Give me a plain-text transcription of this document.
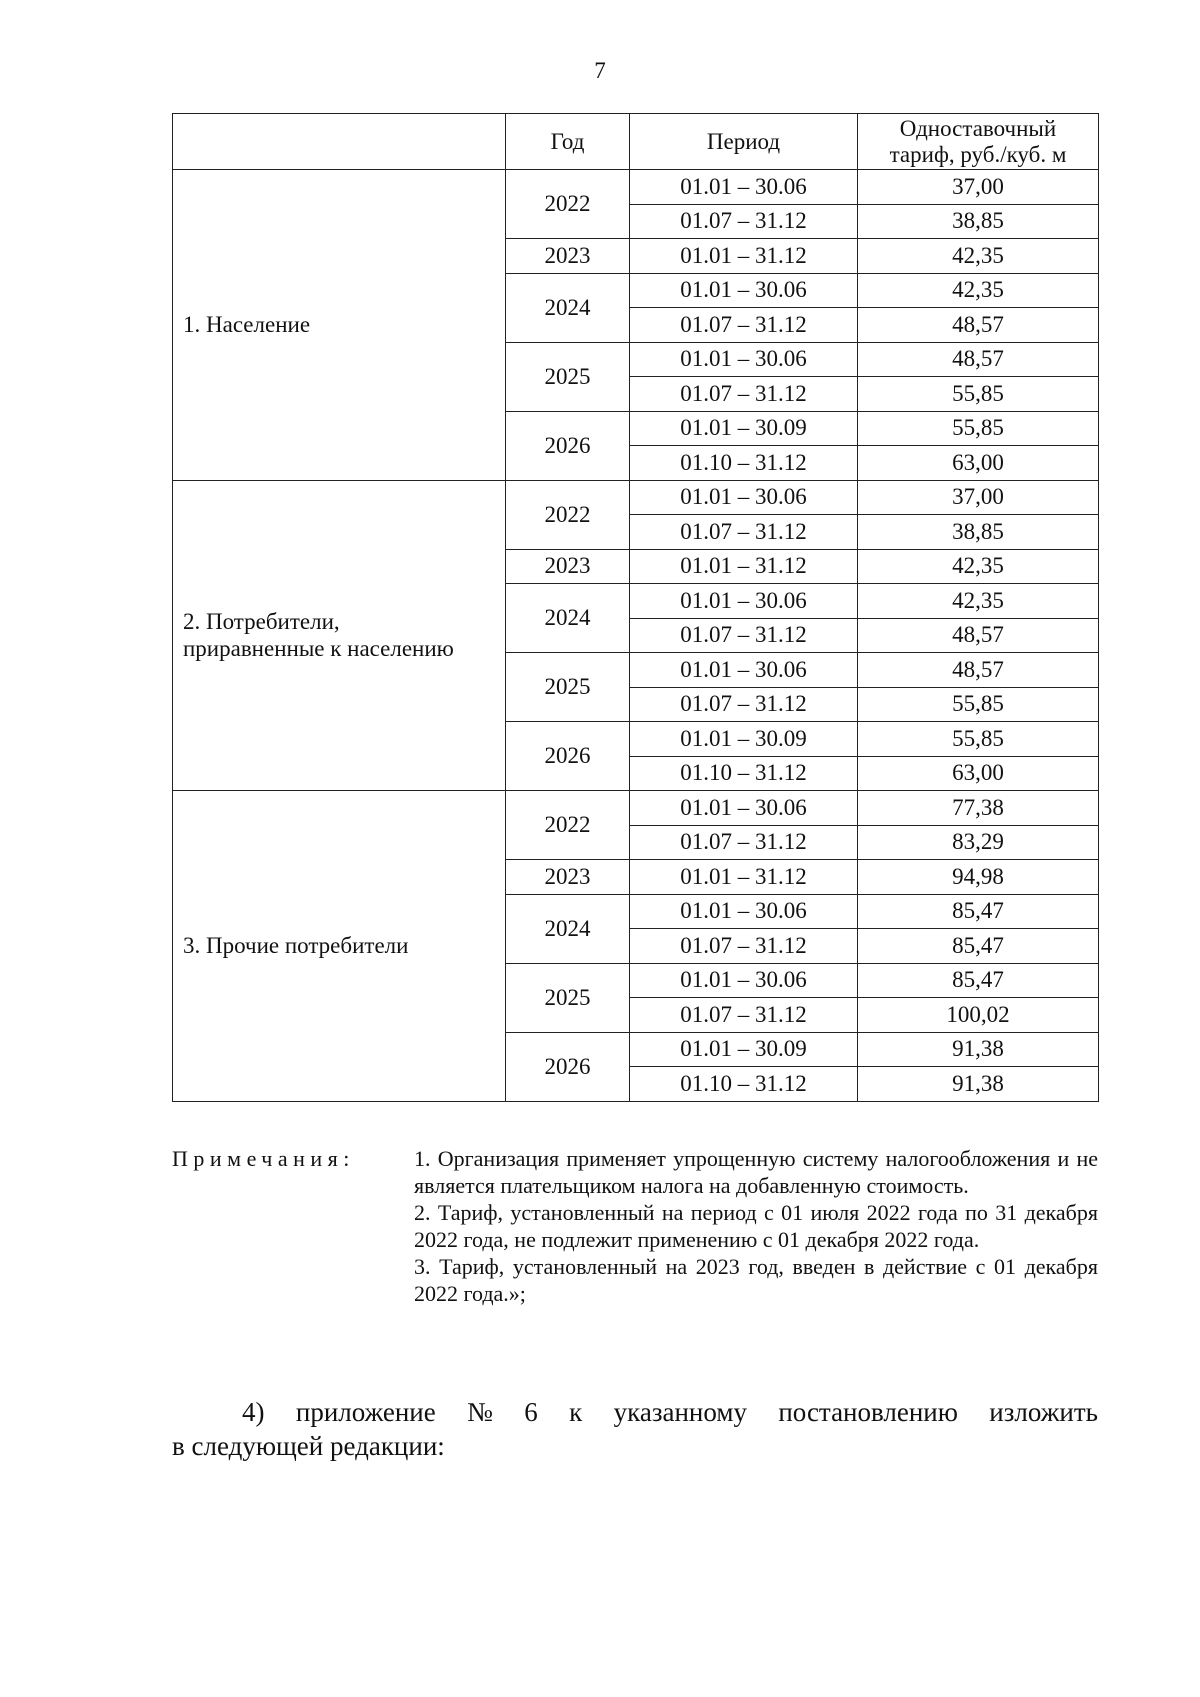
7
	Год	Период	Одноставочный
тариф, руб./куб. м
1. Население	2022	01.01 – 30.06	37,00
		01.07 – 31.12	38,85
	2023	01.01 – 31.12	42,35
	2024	01.01 – 30.06	42,35
		01.07 – 31.12	48,57
	2025	01.01 – 30.06	48,57
		01.07 – 31.12	55,85
	2026	01.01 – 30.09	55,85
		01.10 – 31.12	63,00
2. Потребители,
приравненные к населению	2022	01.01 – 30.06	37,00
		01.07 – 31.12	38,85
	2023	01.01 – 31.12	42,35
	2024	01.01 – 30.06	42,35
		01.07 – 31.12	48,57
	2025	01.01 – 30.06	48,57
		01.07 – 31.12	55,85
	2026	01.01 – 30.09	55,85
		01.10 – 31.12	63,00
3. Прочие потребители	2022	01.01 – 30.06	77,38
		01.07 – 31.12	83,29
	2023	01.01 – 31.12	94,98
	2024	01.01 – 30.06	85,47
		01.07 – 31.12	85,47
	2025	01.01 – 30.06	85,47
		01.07 – 31.12	100,02
	2026	01.01 – 30.09	91,38
		01.10 – 31.12	91,38
Примечания:	1. Организация применяет упрощенную систему налогообложения и не является плательщиком налога на добавленную стоимость.
2. Тариф, установленный на период с 01 июля 2022 года по 31 декабря 2022 года, не подлежит применению с 01 декабря 2022 года.
3. Тариф, установленный на 2023 год, введен в действие с 01 декабря 2022 года.»;
4) приложение № 6 к указанному постановлению изложить
в следующей редакции:
